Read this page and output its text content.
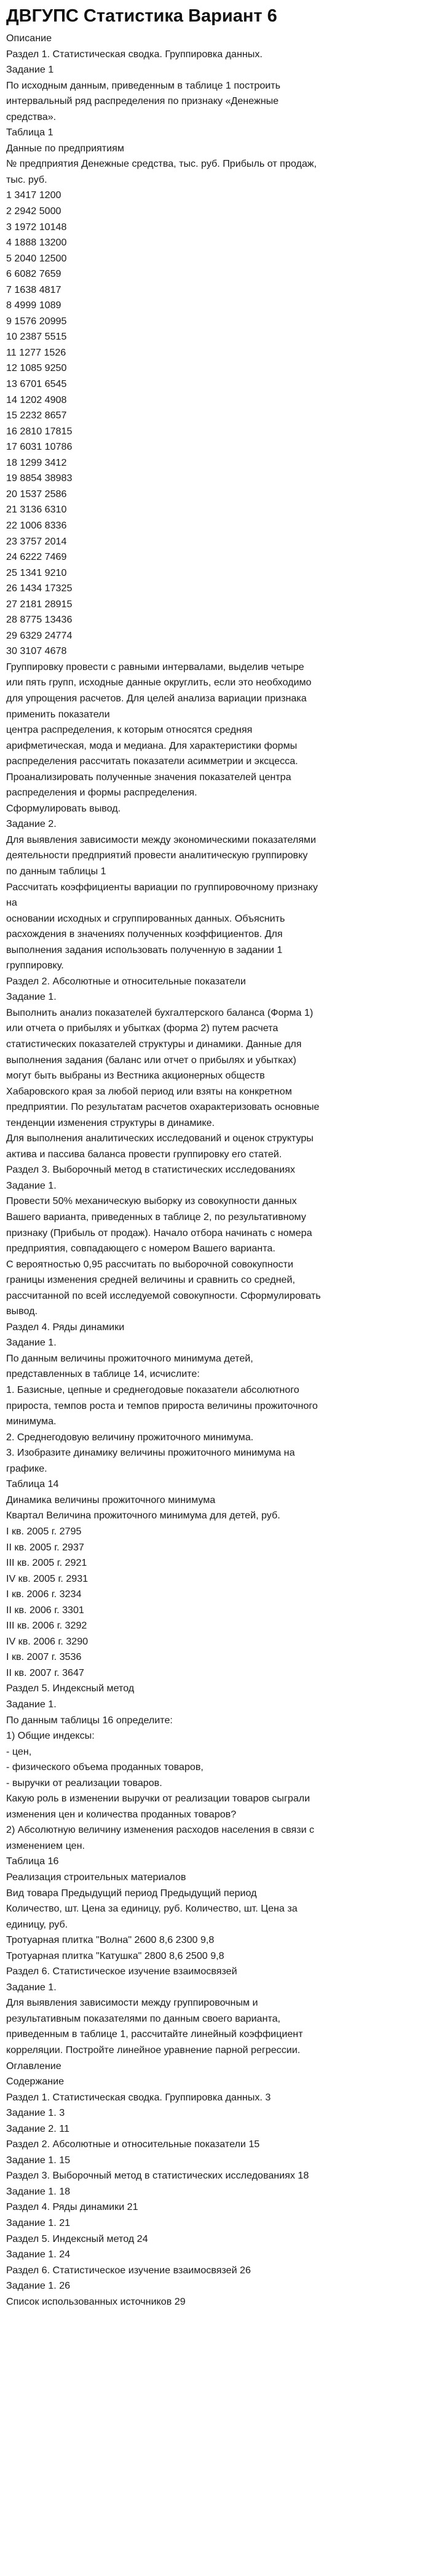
ДВГУПС Статистика Вариант 6
Описание
Раздел 1. Статистическая сводка. Группировка данных.
Задание 1
По исходным данным, приведенным в таблице 1 построить
интервальный ряд распределения по признаку «Денежные
средства».
Таблица 1
Данные по предприятиям
№ предприятия Денежные средства, тыс. руб. Прибыль от продаж,
тыс. руб.
1 3417 1200
2 2942 5000
3 1972 10148
4 1888 13200
5 2040 12500
6 6082 7659
7 1638 4817
8 4999 1089
9 1576 20995
10 2387 5515
11 1277 1526
12 1085 9250
13 6701 6545
14 1202 4908
15 2232 8657
16 2810 17815
17 6031 10786
18 1299 3412
19 8854 38983
20 1537 2586
21 3136 6310
22 1006 8336
23 3757 2014
24 6222 7469
25 1341 9210
26 1434 17325
27 2181 28915
28 8775 13436
29 6329 24774
30 3107 4678
Группировку провести с равными интервалами, выделив четыре
или пять групп, исходные данные округлить, если это необходимо
для упрощения расчетов. Для целей анализа вариации признака
применить показатели
центра распределения, к которым относятся средняя
арифметическая, мода и медиана. Для характеристики формы
распределения рассчитать показатели асимметрии и эксцесса.
Проанализировать полученные значения показателей центра
распределения и формы распределения.
Сформулировать вывод.
Задание 2.
Для выявления зависимости между экономическими показателями
деятельности предприятий провести аналитическую группировку
по данным таблицы 1
Рассчитать коэффициенты вариации по группировочному признаку
на
основании исходных и сгруппированных данных. Объяснить
расхождения в значениях полученных коэффициентов. Для
выполнения задания использовать полученную в задании 1
группировку.
Раздел 2. Абсолютные и относительные показатели
Задание 1.
Выполнить анализ показателей бухгалтерского баланса (Форма 1)
или отчета о прибылях и убытках (форма 2) путем расчета
статистических показателей структуры и динамики. Данные для
выполнения задания (баланс или отчет о прибылях и убытках)
могут быть выбраны из Вестника акционерных обществ
Хабаровского края за любой период или взяты на конкретном
предприятии. По результатам расчетов охарактеризовать основные
тенденции изменения структуры в динамике.
Для выполнения аналитических исследований и оценок структуры
актива и пассива баланса провести группировку его статей.
Раздел 3. Выборочный метод в статистических исследованиях
Задание 1.
Провести 50% механическую выборку из совокупности данных
Вашего варианта, приведенных в таблице 2, по результативному
признаку (Прибыль от продаж). Начало отбора начинать с номера
предприятия, совпадающего с номером Вашего варианта.
С вероятностью 0,95 рассчитать по выборочной совокупности
границы изменения средней величины и сравнить со средней,
рассчитанной по всей исследуемой совокупности. Сформулировать
вывод.
Раздел 4. Ряды динамики
Задание 1.
По данным величины прожиточного минимума детей,
представленных в таблице 14, исчислите:
1. Базисные, цепные и среднегодовые показатели абсолютного
прироста, темпов роста и темпов прироста величины прожиточного
минимума.
2. Среднегодовую величину прожиточного минимума.
3. Изобразите динамику величины прожиточного минимума на
графике.
Таблица 14
Динамика величины прожиточного минимума
Квартал Величина прожиточного минимума для детей, руб.
I кв. 2005 г. 2795
II кв. 2005 г. 2937
III кв. 2005 г. 2921
IV кв. 2005 г. 2931
I кв. 2006 г. 3234
II кв. 2006 г. 3301
III кв. 2006 г. 3292
IV кв. 2006 г. 3290
I кв. 2007 г. 3536
II кв. 2007 г. 3647
Раздел 5. Индексный метод
Задание 1.
По данным таблицы 16 определите:
1) Общие индексы:
- цен,
- физического объема проданных товаров,
- выручки от реализации товаров.
Какую роль в изменении выручки от реализации товаров сыграли
изменения цен и количества проданных товаров?
2) Абсолютную величину изменения расходов населения в связи с
изменением цен.
Таблица 16
Реализация строительных материалов
Вид товара Предыдущий период Предыдущий период
Количество, шт. Цена за единицу, руб. Количество, шт. Цена за
единицу, руб.
Тротуарная плитка "Волна" 2600 8,6 2300 9,8
Тротуарная плитка "Катушка" 2800 8,6 2500 9,8
Раздел 6. Статистическое изучение взаимосвязей
Задание 1.
Для выявления зависимости между группировочным и
результативным показателями по данным своего варианта,
приведенным в таблице 1, рассчитайте линейный коэффициент
корреляции. Постройте линейное уравнение парной регрессии.
Оглавление
Содержание
Раздел 1. Статистическая сводка. Группировка данных. 3
Задание 1. 3
Задание 2. 11
Раздел 2. Абсолютные и относительные показатели 15
Задание 1. 15
Раздел 3. Выборочный метод в статистических исследованиях 18
Задание 1. 18
Раздел 4. Ряды динамики 21
Задание 1. 21
Раздел 5. Индексный метод 24
Задание 1. 24
Раздел 6. Статистическое изучение взаимосвязей 26
Задание 1. 26
Список использованных источников 29
